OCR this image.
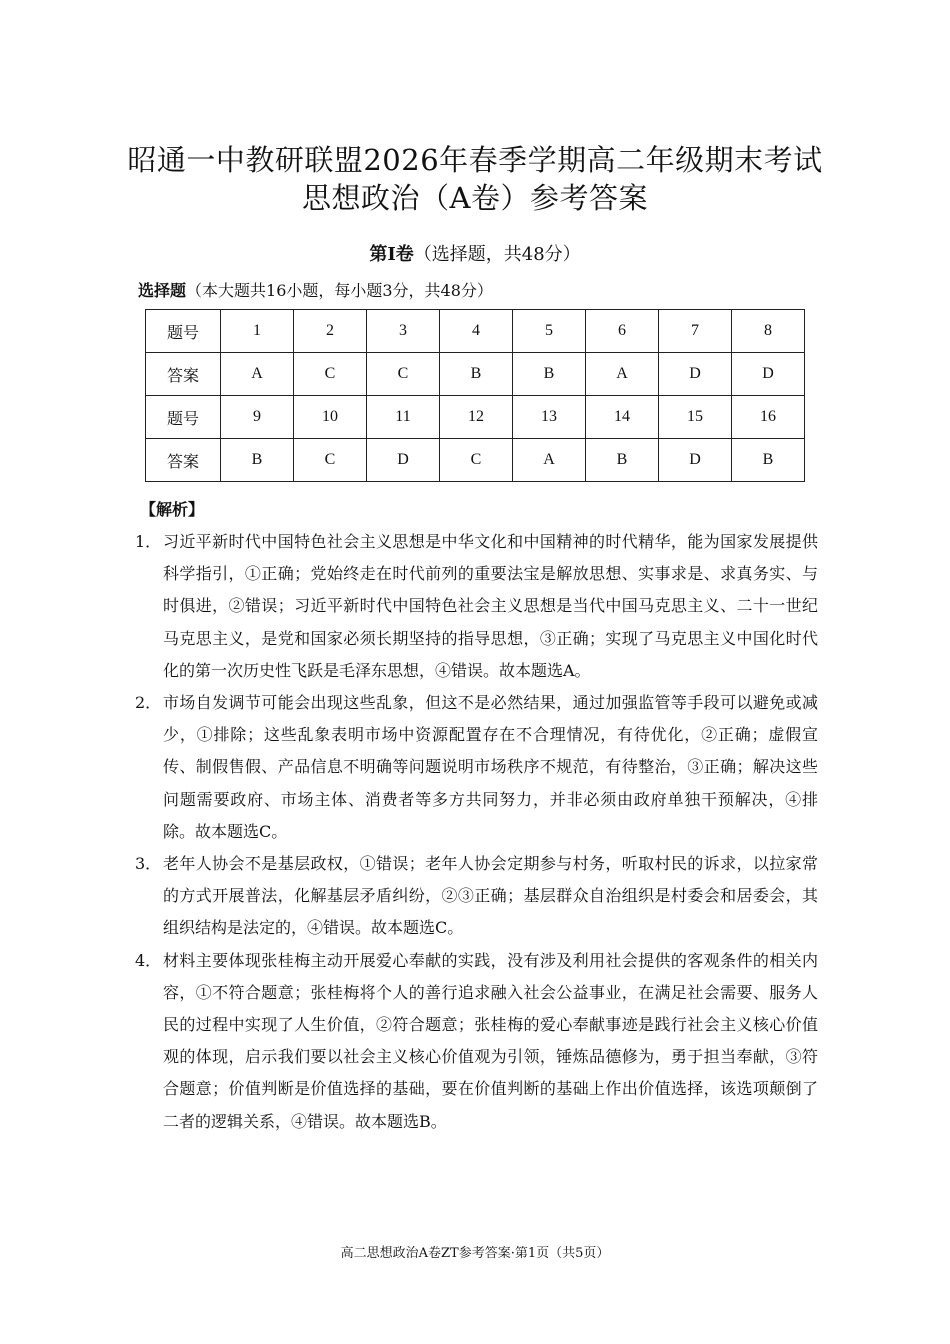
昭通一中教研联盟2026年春季学期高二年级期末考试
思想政治（A卷）参考答案
第Ⅰ卷（选择题，共48分）
选择题（本大题共16小题，每小题3分，共48分）
题号	1	2	3	4	5	6	7	8
答案	A	C	C	B	B	A	D	D
题号	9	10	11	12	13	14	15	16
答案	B	C	D	C	A	B	D	B
【解析】
1． 习近平新时代中国特色社会主义思想是中华文化和中国精神的时代精华，能为国家发展提供科学指引，①正确；党始终走在时代前列的重要法宝是解放思想、实事求是、求真务实、与时俱进，②错误；习近平新时代中国特色社会主义思想是当代中国马克思主义、二十一世纪马克思主义，是党和国家必须长期坚持的指导思想，③正确；实现了马克思主义中国化时代化的第一次历史性飞跃是毛泽东思想，④错误。故本题选A。
2． 市场自发调节可能会出现这些乱象，但这不是必然结果，通过加强监管等手段可以避免或减少，①排除；这些乱象表明市场中资源配置存在不合理情况，有待优化，②正确；虚假宣传、制假售假、产品信息不明确等问题说明市场秩序不规范，有待整治，③正确；解决这些问题需要政府、市场主体、消费者等多方共同努力，并非必须由政府单独干预解决，④排除。故本题选C。
3． 老年人协会不是基层政权，①错误；老年人协会定期参与村务，听取村民的诉求，以拉家常的方式开展普法，化解基层矛盾纠纷，②③正确；基层群众自治组织是村委会和居委会，其组织结构是法定的，④错误。故本题选C。
4． 材料主要体现张桂梅主动开展爱心奉献的实践，没有涉及利用社会提供的客观条件的相关内容，①不符合题意；张桂梅将个人的善行追求融入社会公益事业，在满足社会需要、服务人民的过程中实现了人生价值，②符合题意；张桂梅的爱心奉献事迹是践行社会主义核心价值观的体现，启示我们要以社会主义核心价值观为引领，锤炼品德修为，勇于担当奉献，③符合题意；价值判断是价值选择的基础，要在价值判断的基础上作出价值选择，该选项颠倒了二者的逻辑关系，④错误。故本题选B。
高二思想政治A卷ZT参考答案·第1页（共5页）
